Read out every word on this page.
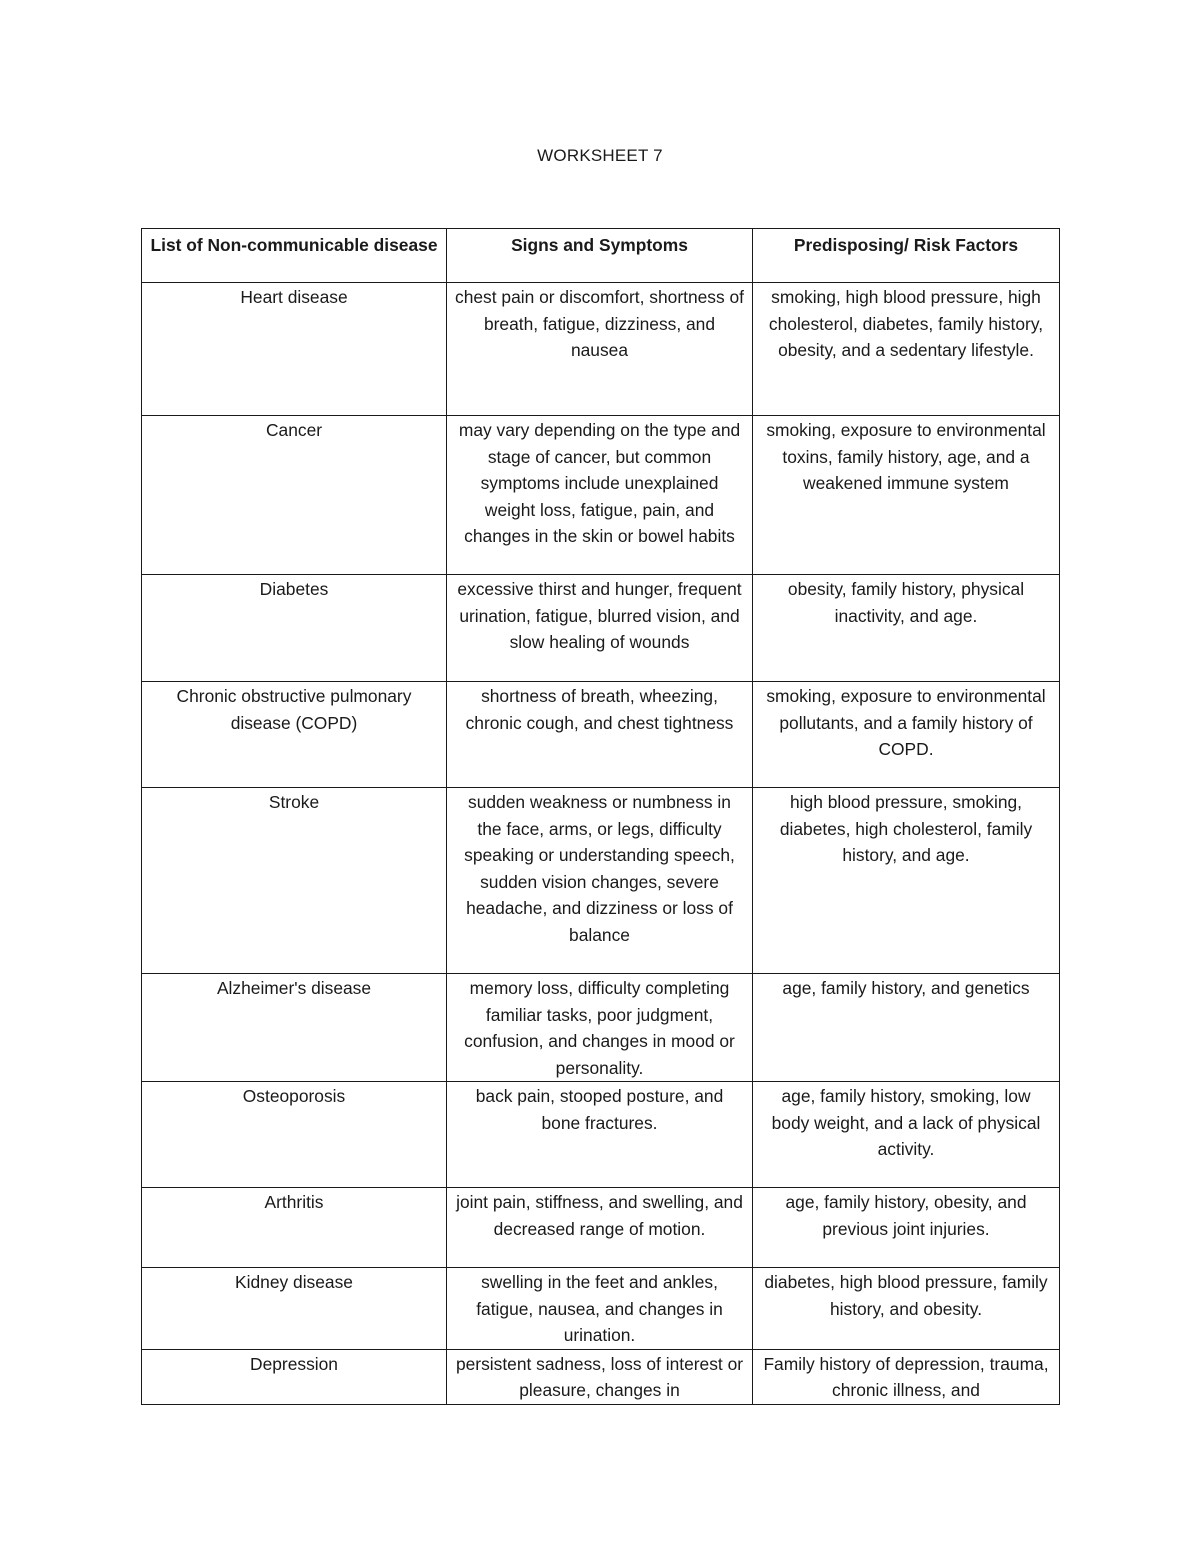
WORKSHEET 7
List of Non-communicable disease	Signs and Symptoms	Predisposing/ Risk Factors
Heart disease	chest pain or discomfort, shortness of breath, fatigue, dizziness, and nausea	smoking, high blood pressure, high cholesterol, diabetes, family history, obesity, and a sedentary lifestyle.
Cancer	may vary depending on the type and stage of cancer, but common symptoms include unexplained weight loss, fatigue, pain, and changes in the skin or bowel habits	smoking, exposure to environmental toxins, family history, age, and a weakened immune system
Diabetes	excessive thirst and hunger, frequent urination, fatigue, blurred vision, and slow healing of wounds	obesity, family history, physical inactivity, and age.
Chronic obstructive pulmonary disease (COPD)	shortness of breath, wheezing, chronic cough, and chest tightness	smoking, exposure to environmental pollutants, and a family history of COPD.
Stroke	sudden weakness or numbness in the face, arms, or legs, difficulty speaking or understanding speech, sudden vision changes, severe headache, and dizziness or loss of balance	high blood pressure, smoking, diabetes, high cholesterol, family history, and age.
Alzheimer's disease	memory loss, difficulty completing familiar tasks, poor judgment, confusion, and changes in mood or personality.	age, family history, and genetics
Osteoporosis	back pain, stooped posture, and bone fractures.	age, family history, smoking, low body weight, and a lack of physical activity.
Arthritis	joint pain, stiffness, and swelling, and decreased range of motion.	age, family history, obesity, and previous joint injuries.
Kidney disease	swelling in the feet and ankles, fatigue, nausea, and changes in urination.	diabetes, high blood pressure, family history, and obesity.
Depression	persistent sadness, loss of interest or pleasure, changes in	Family history of depression, trauma, chronic illness, and
